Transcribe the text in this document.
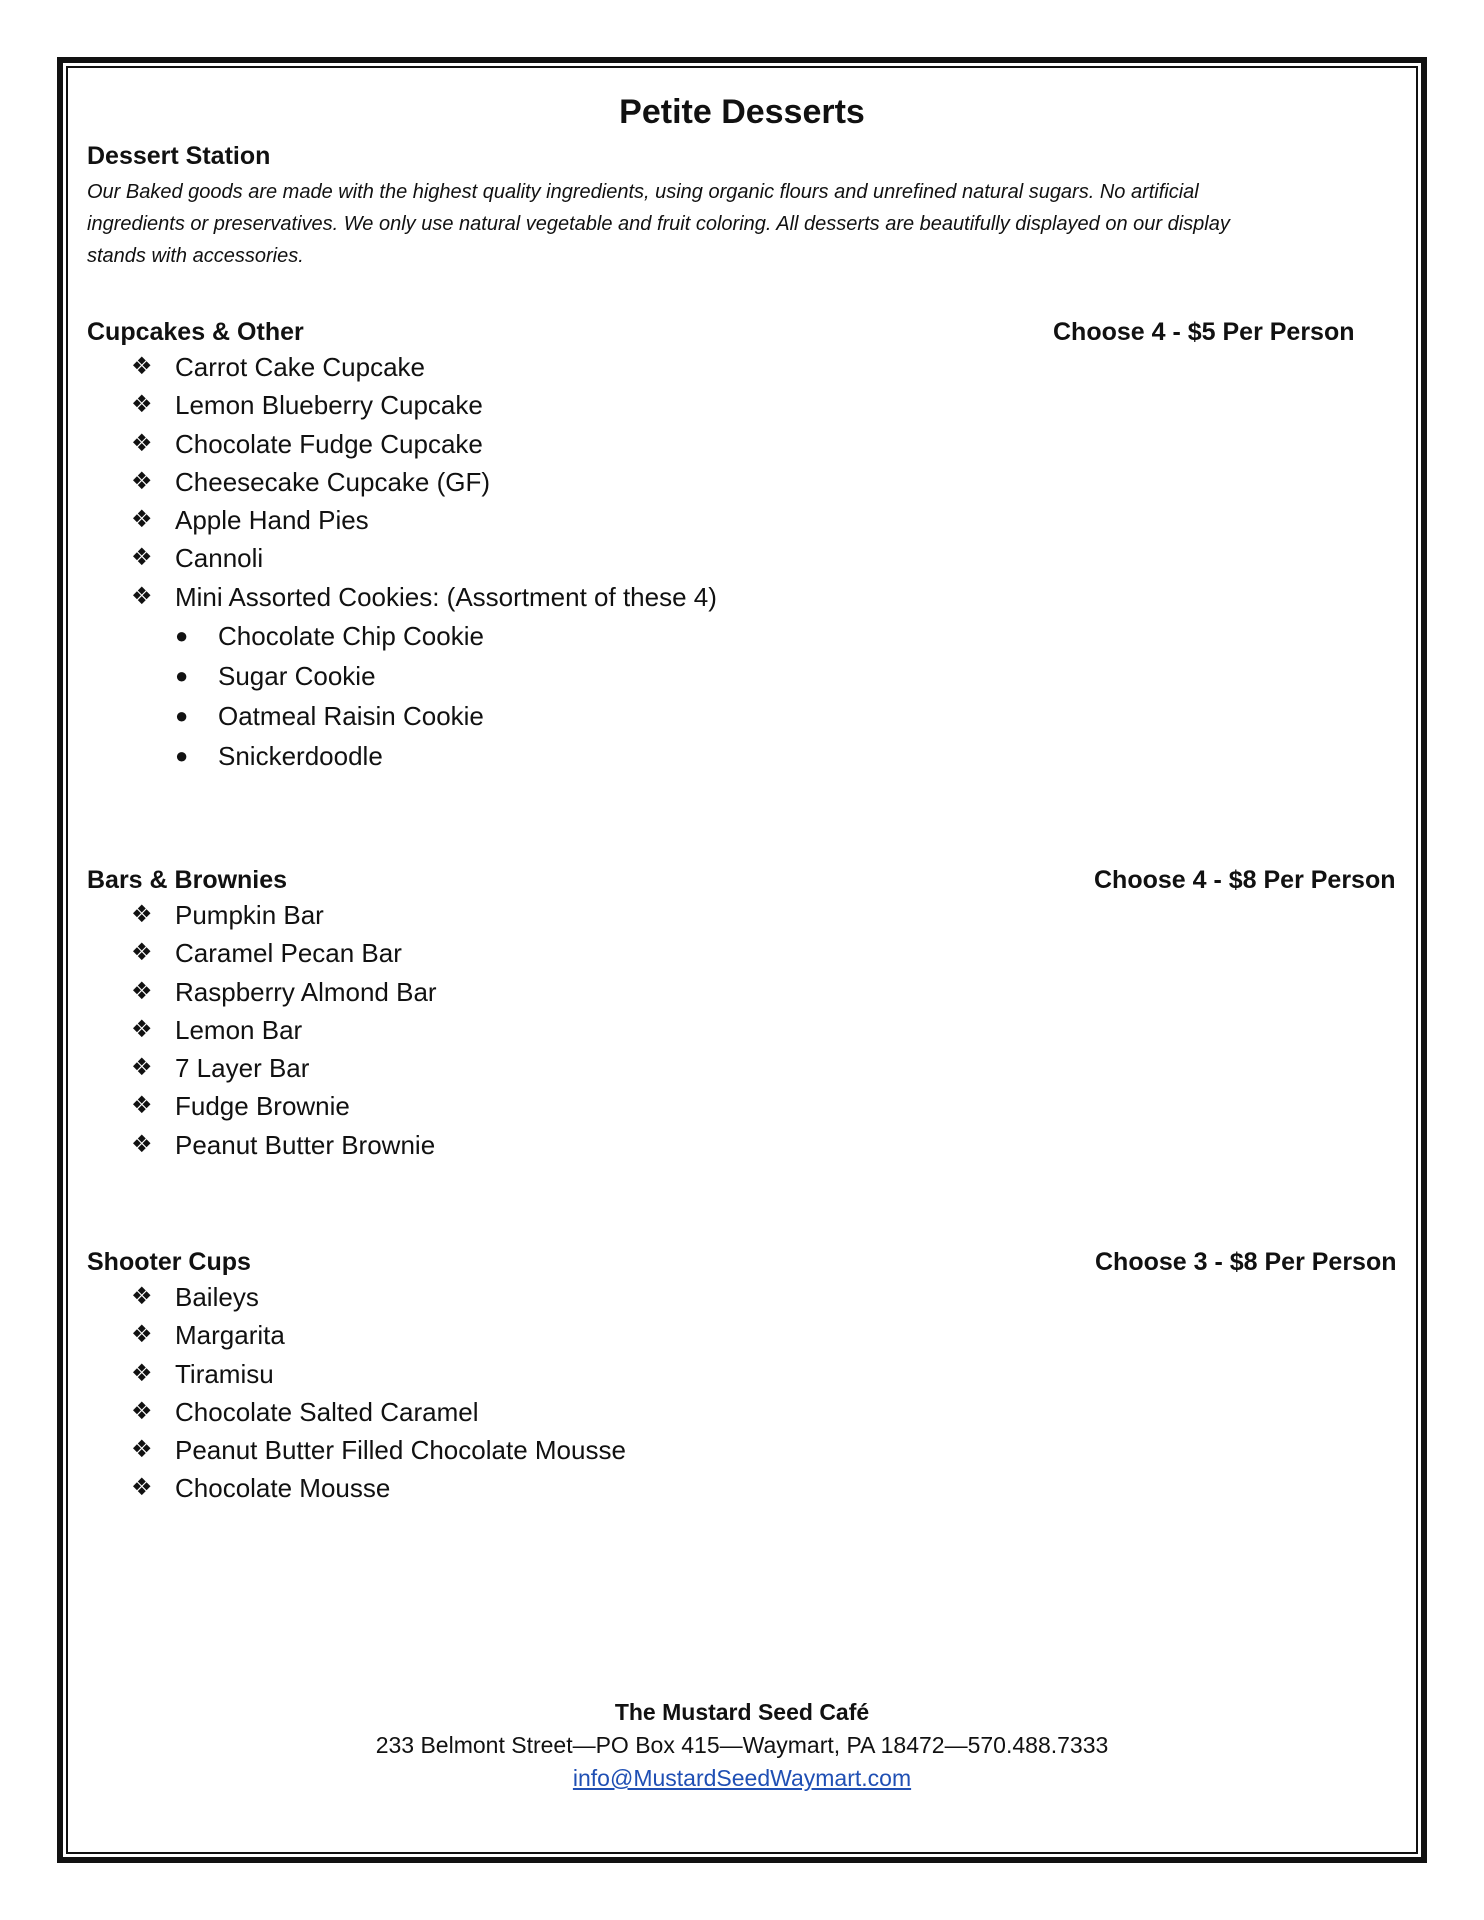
Petite Desserts
Dessert Station
Our Baked goods are made with the highest quality ingredients, using organic flours and unrefined natural sugars. No artificial
ingredients or preservatives. We only use natural vegetable and fruit coloring. All desserts are beautifully displayed on our display
stands with accessories.
Cupcakes & Other	Choose 4 - $5 Per Person
❖ Carrot Cake Cupcake
❖ Lemon Blueberry Cupcake
❖ Chocolate Fudge Cupcake
❖ Cheesecake Cupcake (GF)
❖ Apple Hand Pies
❖ Cannoli
❖ Mini Assorted Cookies: (Assortment of these 4)
● Chocolate Chip Cookie
● Sugar Cookie
● Oatmeal Raisin Cookie
● Snickerdoodle
Bars & Brownies	Choose 4 - $8 Per Person
❖ Pumpkin Bar
❖ Caramel Pecan Bar
❖ Raspberry Almond Bar
❖ Lemon Bar
❖ 7 Layer Bar
❖ Fudge Brownie
❖ Peanut Butter Brownie
Shooter Cups	Choose 3 - $8 Per Person
❖ Baileys
❖ Margarita
❖ Tiramisu
❖ Chocolate Salted Caramel
❖ Peanut Butter Filled Chocolate Mousse
❖ Chocolate Mousse
The Mustard Seed Café
233 Belmont Street—PO Box 415—Waymart, PA 18472—570.488.7333
info@MustardSeedWaymart.com
